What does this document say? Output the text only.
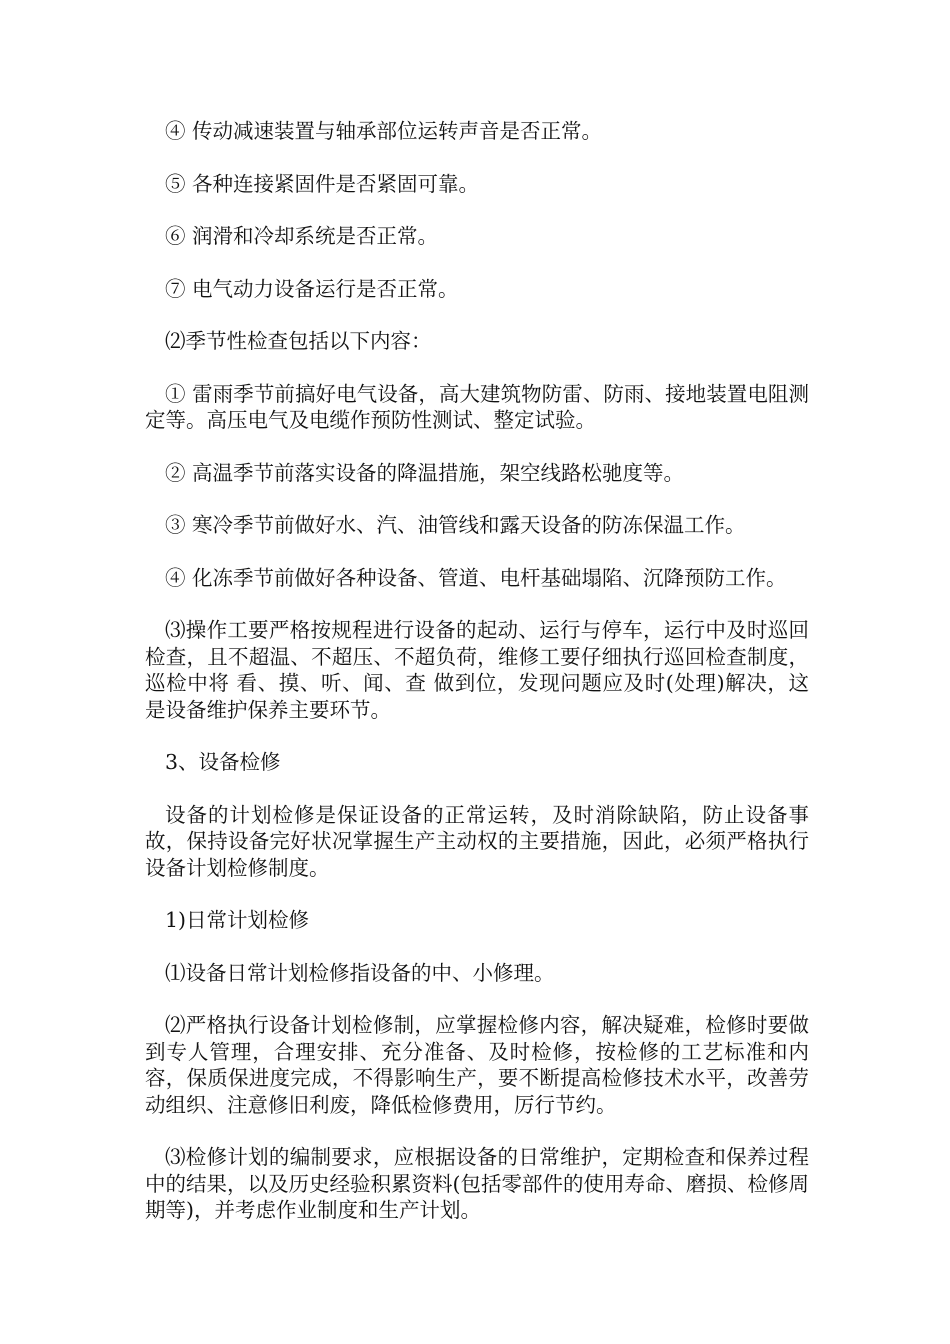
④ 传动减速装置与轴承部位运转声音是否正常。

⑤ 各种连接紧固件是否紧固可靠。

⑥ 润滑和冷却系统是否正常。

⑦ 电气动力设备运行是否正常。

⑵季节性检查包括以下内容：

① 雷雨季节前搞好电气设备，高大建筑物防雷、防雨、接地装置电阻测定等。高压电气及电缆作预防性测试、整定试验。

② 高温季节前落实设备的降温措施，架空线路松驰度等。

③ 寒冷季节前做好水、汽、油管线和露天设备的防冻保温工作。

④ 化冻季节前做好各种设备、管道、电杆基础塌陷、沉降预防工作。

⑶操作工要严格按规程进行设备的起动、运行与停车，运行中及时巡回检查，且不超温、不超压、不超负荷，维修工要仔细执行巡回检查制度，巡检中将 看、摸、听、闻、查 做到位，发现问题应及时(处理)解决，这是设备维护保养主要环节。

3、设备检修

设备的计划检修是保证设备的正常运转，及时消除缺陷，防止设备事故，保持设备完好状况掌握生产主动权的主要措施，因此，必须严格执行设备计划检修制度。

1)日常计划检修

⑴设备日常计划检修指设备的中、小修理。

⑵严格执行设备计划检修制，应掌握检修内容，解决疑难，检修时要做到专人管理，合理安排、充分准备、及时检修，按检修的工艺标准和内容，保质保进度完成，不得影响生产，要不断提高检修技术水平，改善劳动组织、注意修旧利废，降低检修费用，厉行节约。

⑶检修计划的编制要求，应根据设备的日常维护，定期检查和保养过程中的结果，以及历史经验积累资料(包括零部件的使用寿命、磨损、检修周期等)，并考虑作业制度和生产计划。
